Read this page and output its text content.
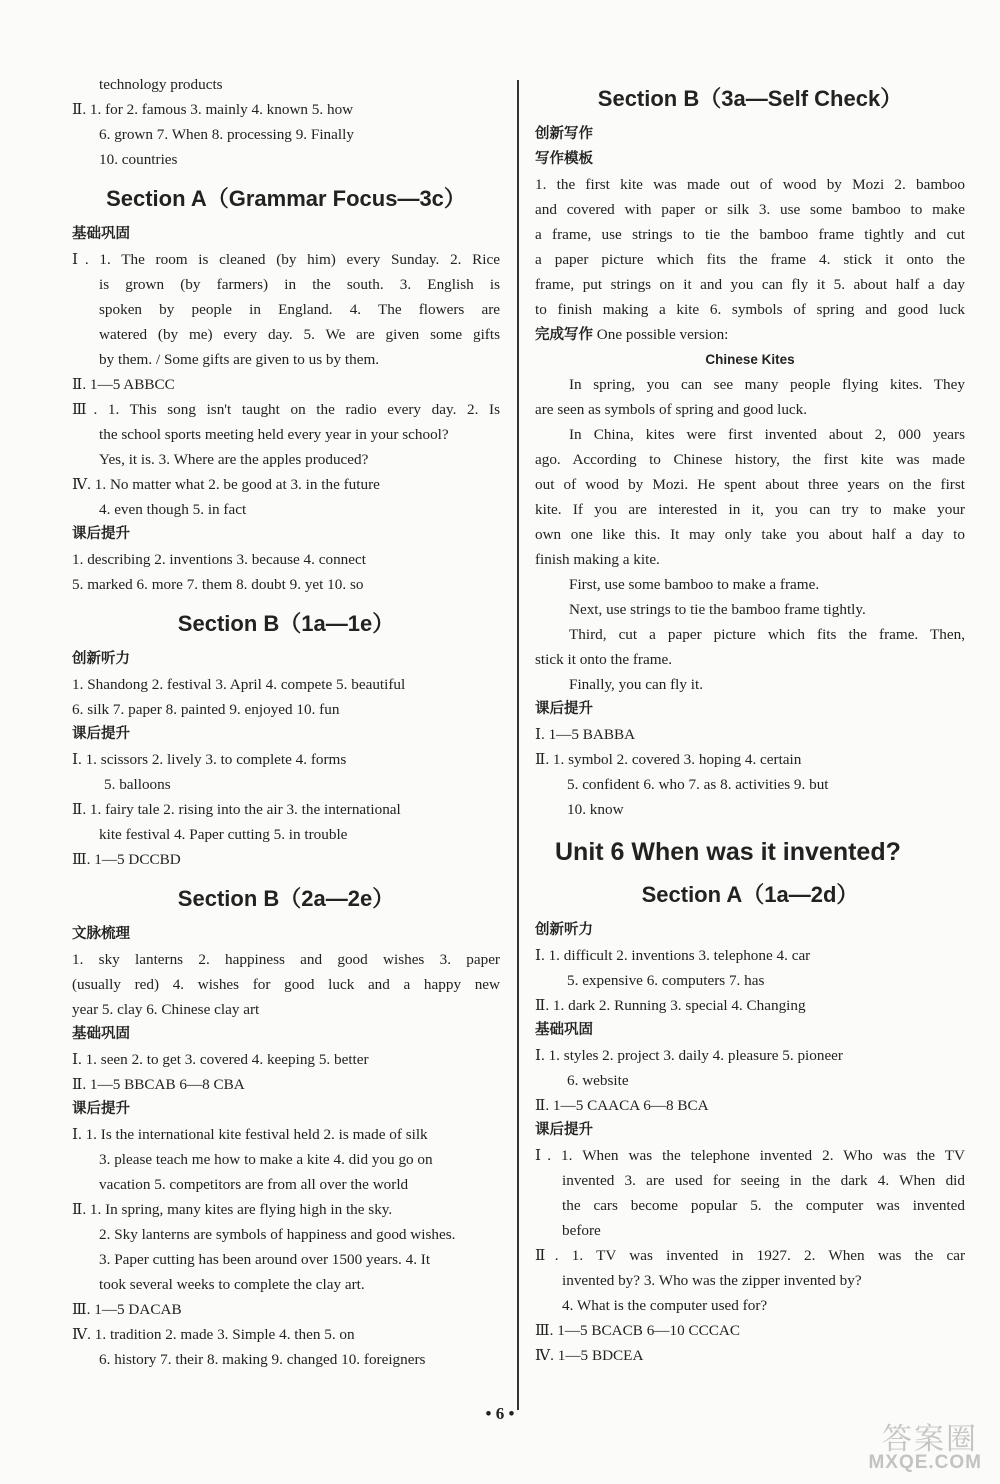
technology products
Ⅱ. 1. for 2. famous 3. mainly 4. known 5. how
6. grown 7. When 8. processing 9. Finally
10. countries
Section A（Grammar Focus—3c）
基础巩固
Ⅰ. 1. The room is cleaned (by him) every Sunday. 2. Rice
is grown (by farmers) in the south. 3. English is
spoken by people in England. 4. The flowers are
watered (by me) every day. 5. We are given some gifts
by them. / Some gifts are given to us by them.
Ⅱ. 1—5 ABBCC
Ⅲ. 1. This song isn't taught on the radio every day. 2. Is
the school sports meeting held every year in your school?
Yes, it is. 3. Where are the apples produced?
Ⅳ. 1. No matter what 2. be good at 3. in the future
4. even though 5. in fact
课后提升
1. describing 2. inventions 3. because 4. connect
5. marked 6. more 7. them 8. doubt 9. yet 10. so
Section B（1a—1e）
创新听力
1. Shandong 2. festival 3. April 4. compete 5. beautiful
6. silk 7. paper 8. painted 9. enjoyed 10. fun
课后提升
Ⅰ. 1. scissors 2. lively 3. to complete 4. forms
5. balloons
Ⅱ. 1. fairy tale 2. rising into the air 3. the international
kite festival 4. Paper cutting 5. in trouble
Ⅲ. 1—5 DCCBD
Section B（2a—2e）
文脉梳理
1. sky lanterns 2. happiness and good wishes 3. paper
(usually red) 4. wishes for good luck and a happy new
year 5. clay 6. Chinese clay art
基础巩固
Ⅰ. 1. seen 2. to get 3. covered 4. keeping 5. better
Ⅱ. 1—5 BBCAB 6—8 CBA
课后提升
Ⅰ. 1. Is the international kite festival held 2. is made of silk
3. please teach me how to make a kite 4. did you go on
vacation 5. competitors are from all over the world
Ⅱ. 1. In spring, many kites are flying high in the sky.
2. Sky lanterns are symbols of happiness and good wishes.
3. Paper cutting has been around over 1500 years. 4. It
took several weeks to complete the clay art.
Ⅲ. 1—5 DACAB
Ⅳ. 1. tradition 2. made 3. Simple 4. then 5. on
6. history 7. their 8. making 9. changed 10. foreigners
Section B（3a—Self Check）
创新写作
写作模板
1. the first kite was made out of wood by Mozi 2. bamboo
and covered with paper or silk 3. use some bamboo to make
a frame, use strings to tie the bamboo frame tightly and cut
a paper picture which fits the frame 4. stick it onto the
frame, put strings on it and you can fly it 5. about half a day
to finish making a kite 6. symbols of spring and good luck
完成写作 One possible version:
Chinese Kites
In spring, you can see many people flying kites. They
are seen as symbols of spring and good luck.
In China, kites were first invented about 2, 000 years
ago. According to Chinese history, the first kite was made
out of wood by Mozi. He spent about three years on the first
kite. If you are interested in it, you can try to make your
own one like this. It may only take you about half a day to
finish making a kite.
First, use some bamboo to make a frame.
Next, use strings to tie the bamboo frame tightly.
Third, cut a paper picture which fits the frame. Then,
stick it onto the frame.
Finally, you can fly it.
课后提升
Ⅰ. 1—5 BABBA
Ⅱ. 1. symbol 2. covered 3. hoping 4. certain
5. confident 6. who 7. as 8. activities 9. but
10. know
Unit 6 When was it invented?
Section A（1a—2d）
创新听力
Ⅰ. 1. difficult 2. inventions 3. telephone 4. car
5. expensive 6. computers 7. has
Ⅱ. 1. dark 2. Running 3. special 4. Changing
基础巩固
Ⅰ. 1. styles 2. project 3. daily 4. pleasure 5. pioneer
6. website
Ⅱ. 1—5 CAACA 6—8 BCA
课后提升
Ⅰ. 1. When was the telephone invented 2. Who was the TV
invented 3. are used for seeing in the dark 4. When did
the cars become popular 5. the computer was invented
before
Ⅱ. 1. TV was invented in 1927. 2. When was the car
invented by? 3. Who was the zipper invented by?
4. What is the computer used for?
Ⅲ. 1—5 BCACB 6—10 CCCAC
Ⅳ. 1—5 BDCEA
• 6 •
答案圈
MXQE.COM
